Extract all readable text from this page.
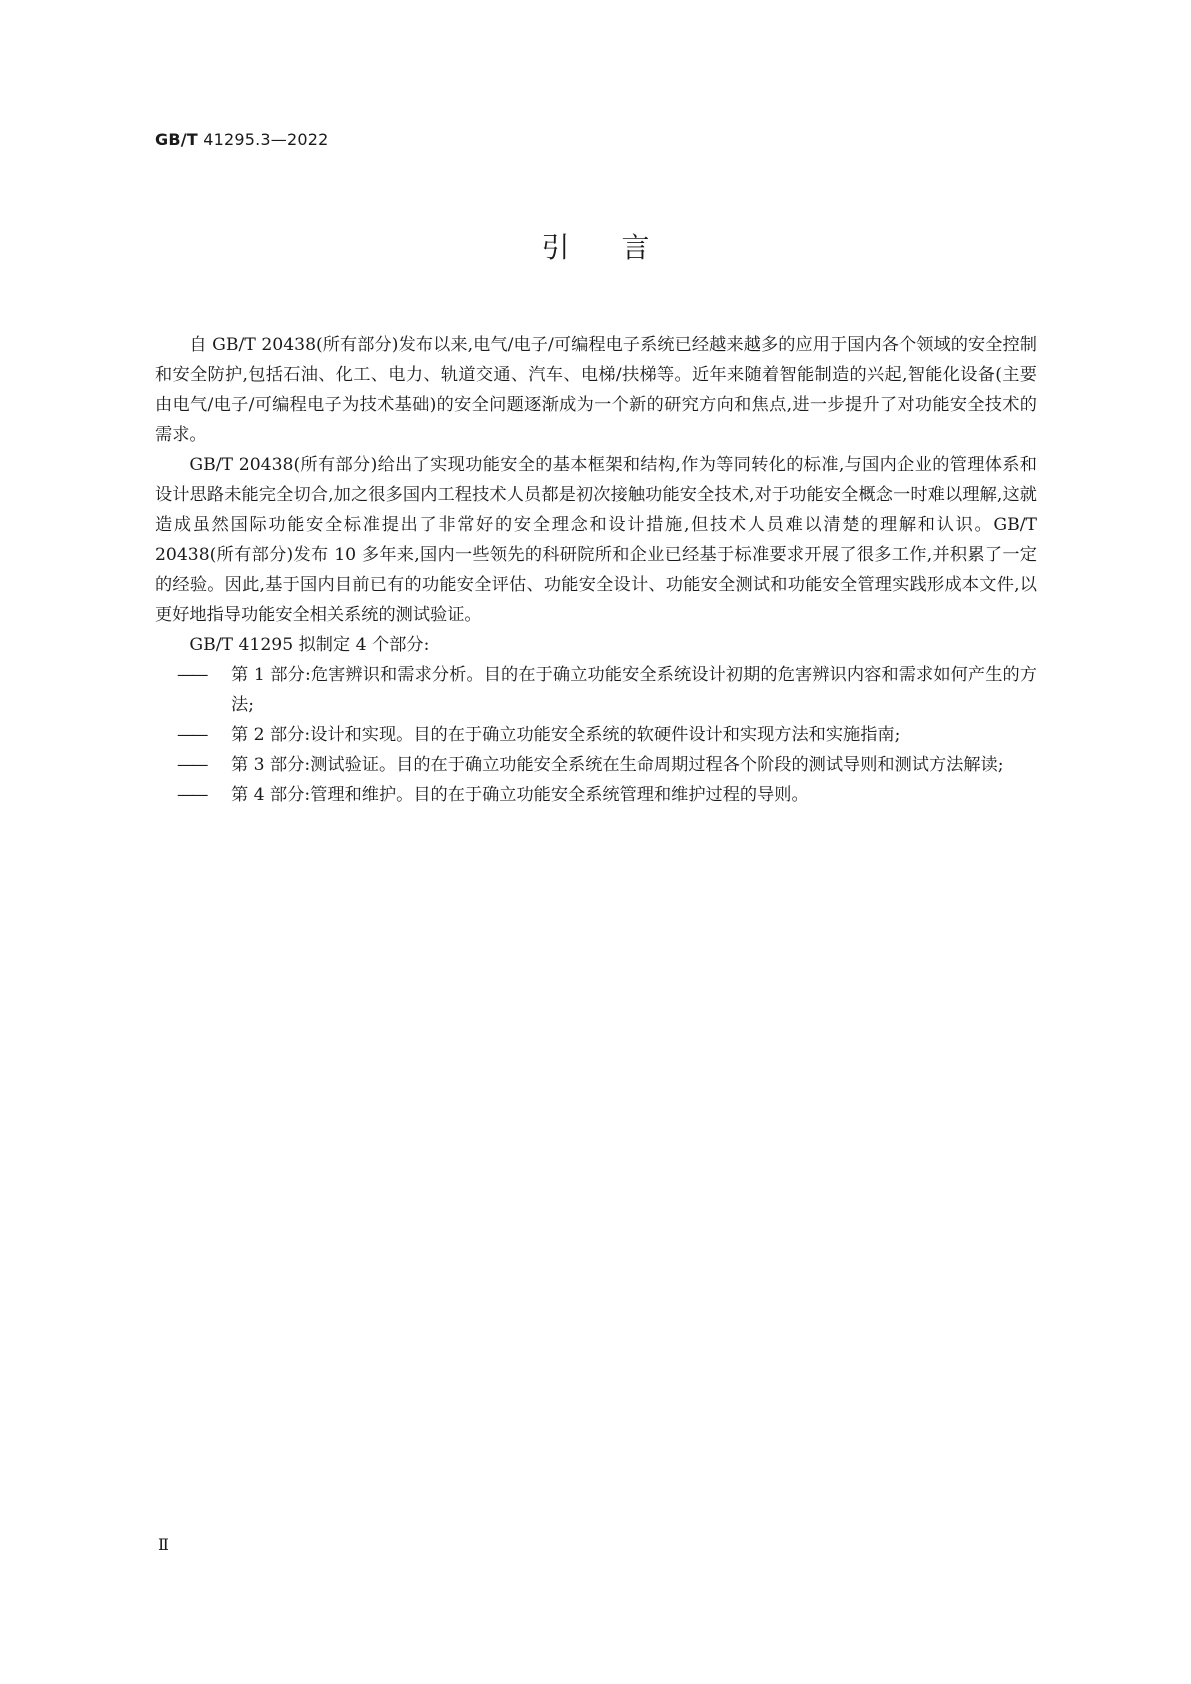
GB/T 41295.3—2022
引言

自 GB/T 20438(所有部分)发布以来,电气/电子/可编程电子系统已经越来越多的应用于国内各个领域的安全控制和安全防护,包括石油、化工、电力、轨道交通、汽车、电梯/扶梯等。近年来随着智能制造的兴起,智能化设备(主要由电气/电子/可编程电子为技术基础)的安全问题逐渐成为一个新的研究方向和焦点,进一步提升了对功能安全技术的需求。

GB/T 20438(所有部分)给出了实现功能安全的基本框架和结构,作为等同转化的标准,与国内企业的管理体系和设计思路未能完全切合,加之很多国内工程技术人员都是初次接触功能安全技术,对于功能安全概念一时难以理解,这就造成虽然国际功能安全标准提出了非常好的安全理念和设计措施,但技术人员难以清楚的理解和认识。GB/T 20438(所有部分)发布 10 多年来,国内一些领先的科研院所和企业已经基于标准要求开展了很多工作,并积累了一定的经验。因此,基于国内目前已有的功能安全评估、功能安全设计、功能安全测试和功能安全管理实践形成本文件,以更好地指导功能安全相关系统的测试验证。

GB/T 41295 拟制定 4 个部分:

——	第 1 部分:危害辨识和需求分析。目的在于确立功能安全系统设计初期的危害辨识内容和需求如何产生的方法;
——	第 2 部分:设计和实现。目的在于确立功能安全系统的软硬件设计和实现方法和实施指南;
——	第 3 部分:测试验证。目的在于确立功能安全系统在生命周期过程各个阶段的测试导则和测试方法解读;
——	第 4 部分:管理和维护。目的在于确立功能安全系统管理和维护过程的导则。
Ⅱ
